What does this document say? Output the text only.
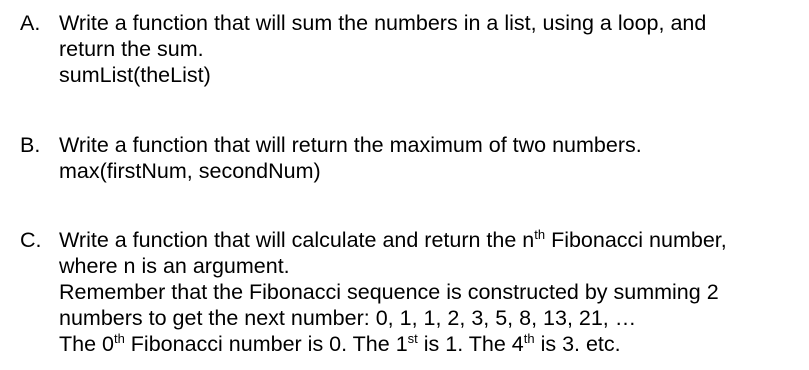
A. Write a function that will sum the numbers in a list, using a loop, and
return the sum.
sumList(theList)
B. Write a function that will return the maximum of two numbers.
max(firstNum, secondNum)
C. Write a function that will calculate and return the $n^{th}$ Fibonacci number,
where n is an argument.
Remember that the Fibonacci sequence is constructed by summing 2
numbers to get the next number: 0, 1, 1, 2, 3, 5, 8, 13, 21, …
The 0th Fibonacci number is 0. The 1st is 1. The 4th is 3. etc.
